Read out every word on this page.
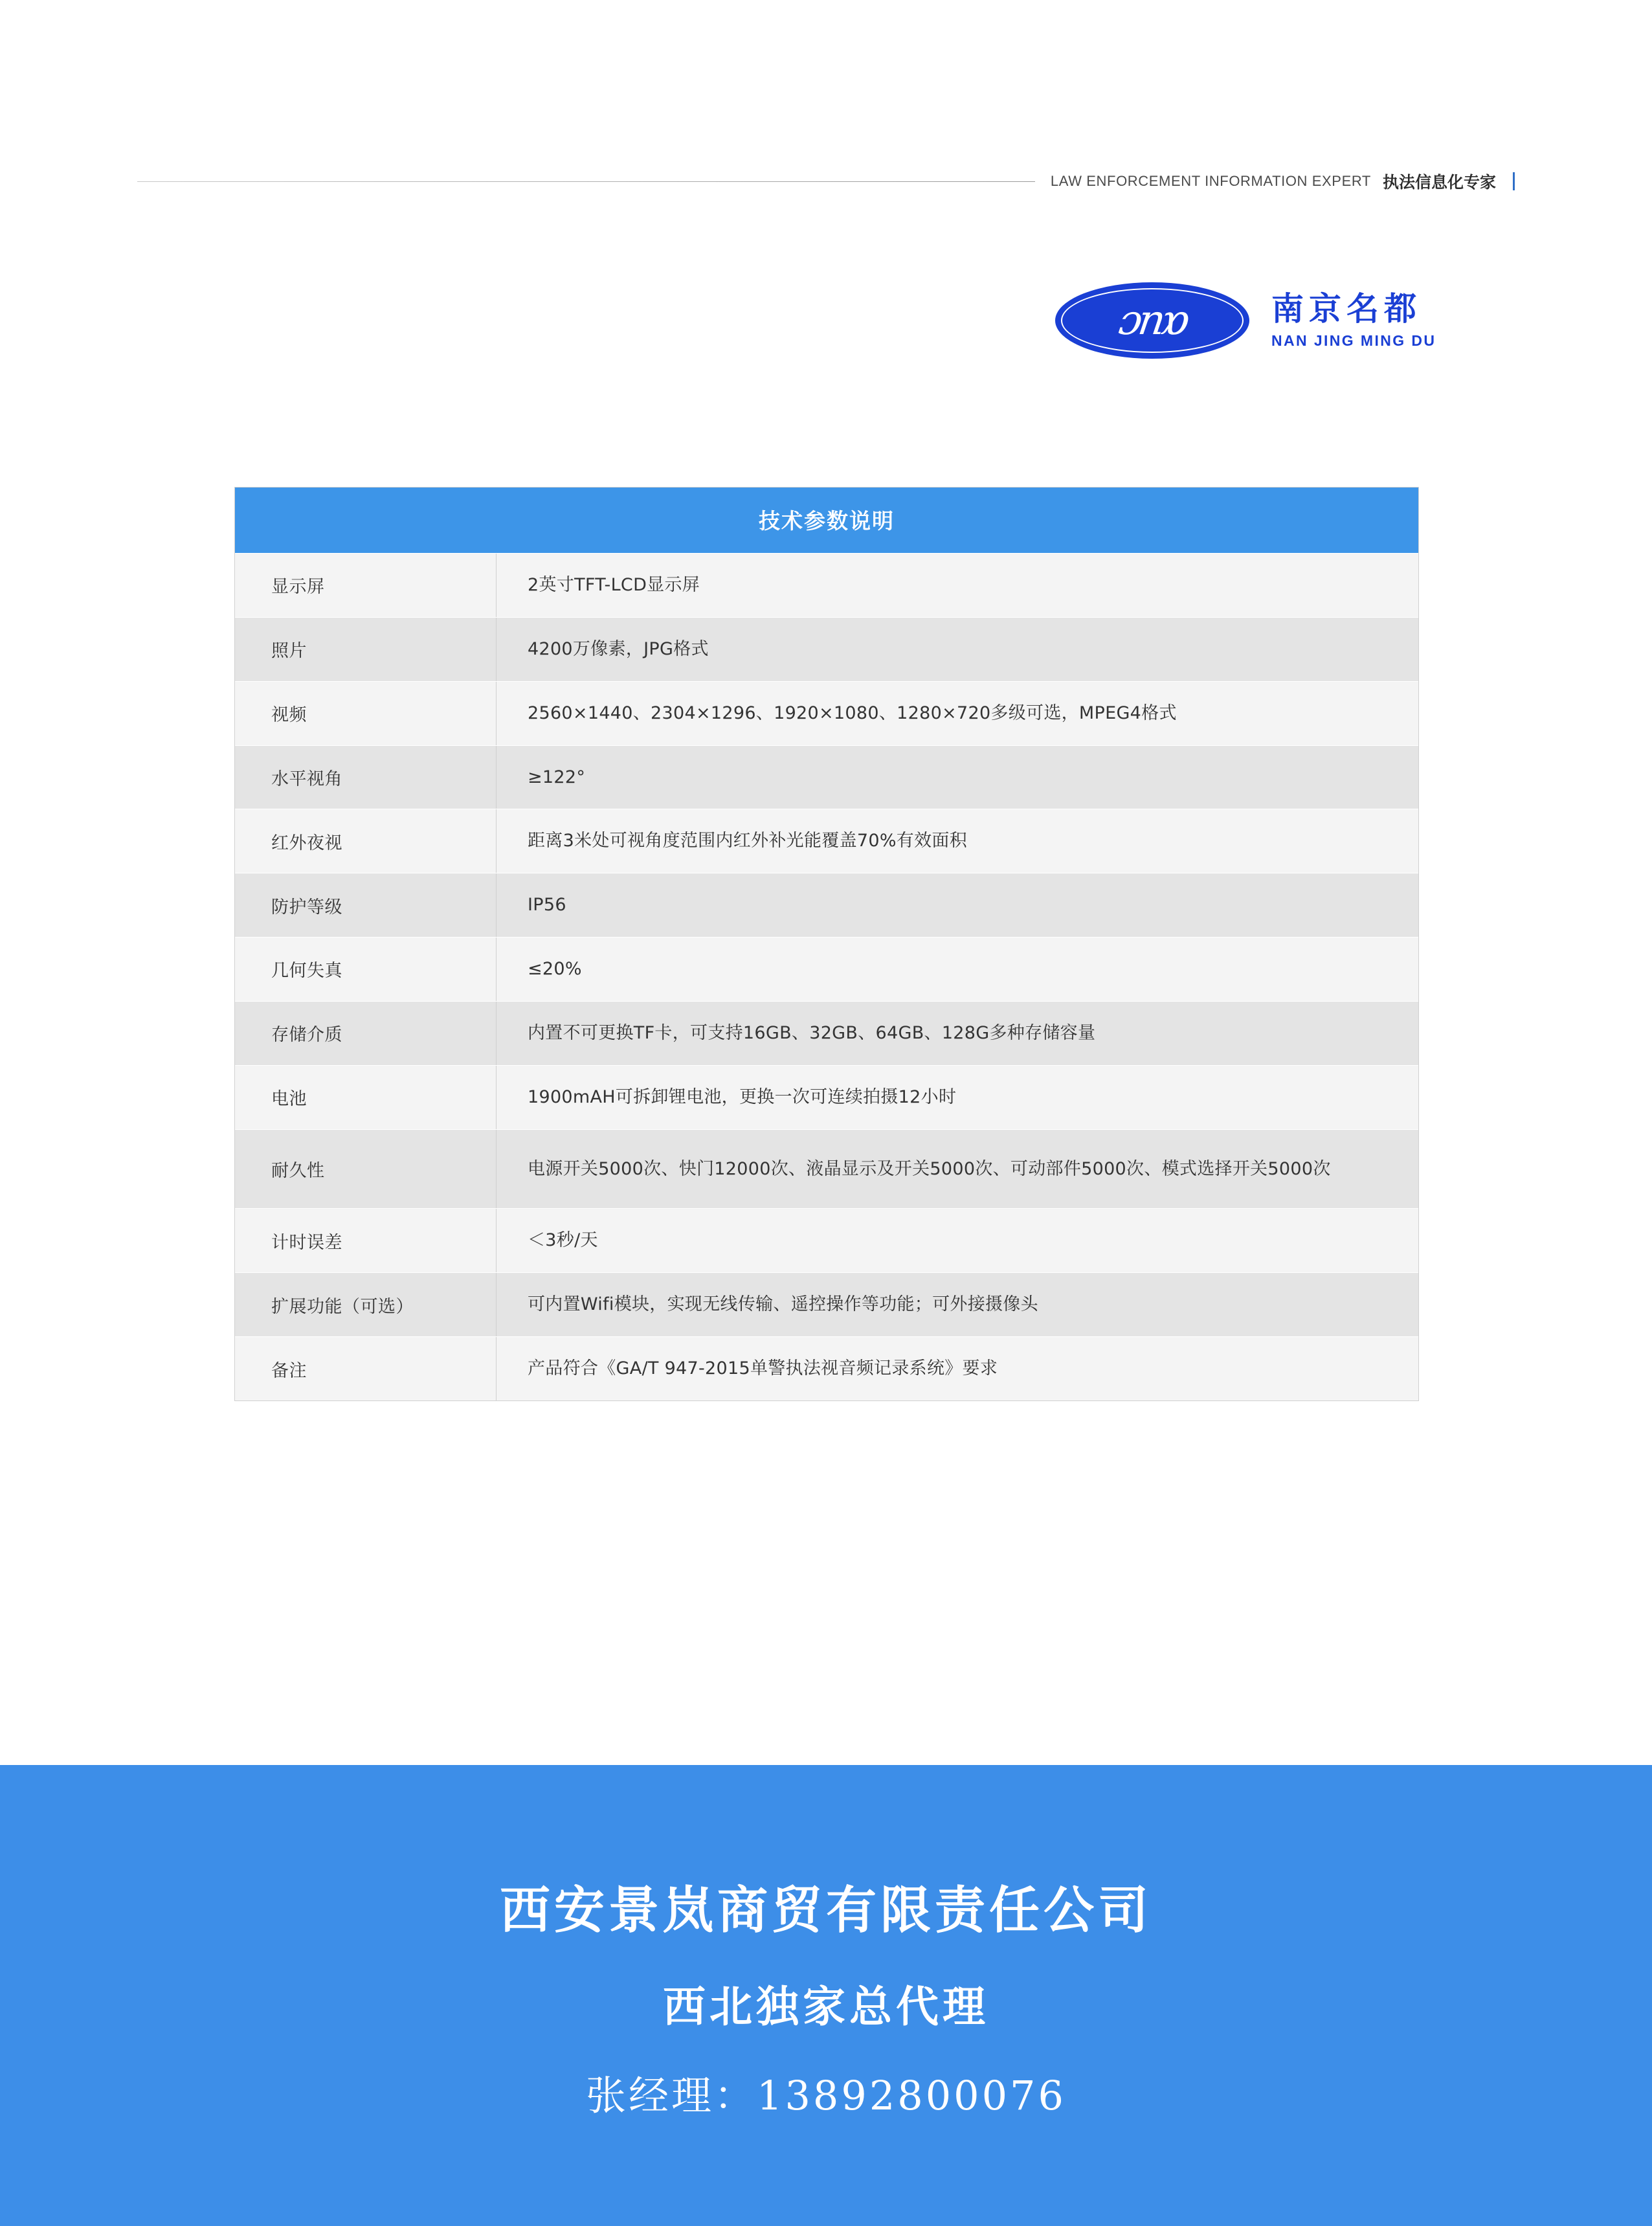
LAW ENFORCEMENT INFORMATION EXPERT 执法信息化专家
ɔnɒ	南京名都
NAN JING MING DU
技术参数说明
显示屏	2英寸TFT-LCD显示屏
照片	4200万像素，JPG格式
视频	2560×1440、2304×1296、1920×1080、1280×720多级可选，MPEG4格式
水平视角	≥122°
红外夜视	距离3米处可视角度范围内红外补光能覆盖70%有效面积
防护等级	IP56
几何失真	≤20%
存储介质	内置不可更换TF卡，可支持16GB、32GB、64GB、128G多种存储容量
电池	1900mAH可拆卸锂电池，更换一次可连续拍摄12小时
耐久性	电源开关5000次、快门12000次、液晶显示及开关5000次、可动部件5000次、模式选择开关5000次
计时误差	＜3秒/天
扩展功能（可选）	可内置Wifi模块，实现无线传输、遥控操作等功能；可外接摄像头
备注	产品符合《GA/T 947-2015单警执法视音频记录系统》要求
西安景岚商贸有限责任公司
西北独家总代理
张经理：13892800076
